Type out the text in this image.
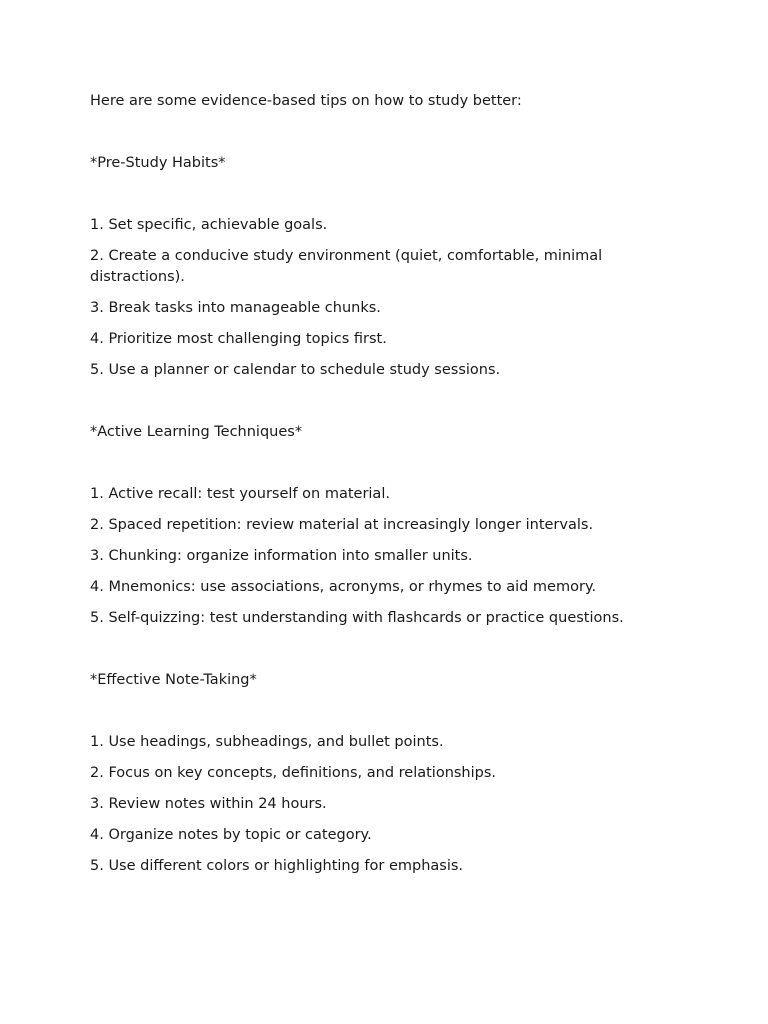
Here are some evidence-based tips on how to study better:

*Pre-Study Habits*

1. Set specific, achievable goals.

2. Create a conducive study environment (quiet, comfortable, minimal distractions).

3. Break tasks into manageable chunks.

4. Prioritize most challenging topics first.

5. Use a planner or calendar to schedule study sessions.

*Active Learning Techniques*

1. Active recall: test yourself on material.

2. Spaced repetition: review material at increasingly longer intervals.

3. Chunking: organize information into smaller units.

4. Mnemonics: use associations, acronyms, or rhymes to aid memory.

5. Self-quizzing: test understanding with flashcards or practice questions.

*Effective Note-Taking*

1. Use headings, subheadings, and bullet points.

2. Focus on key concepts, definitions, and relationships.

3. Review notes within 24 hours.

4. Organize notes by topic or category.

5. Use different colors or highlighting for emphasis.
